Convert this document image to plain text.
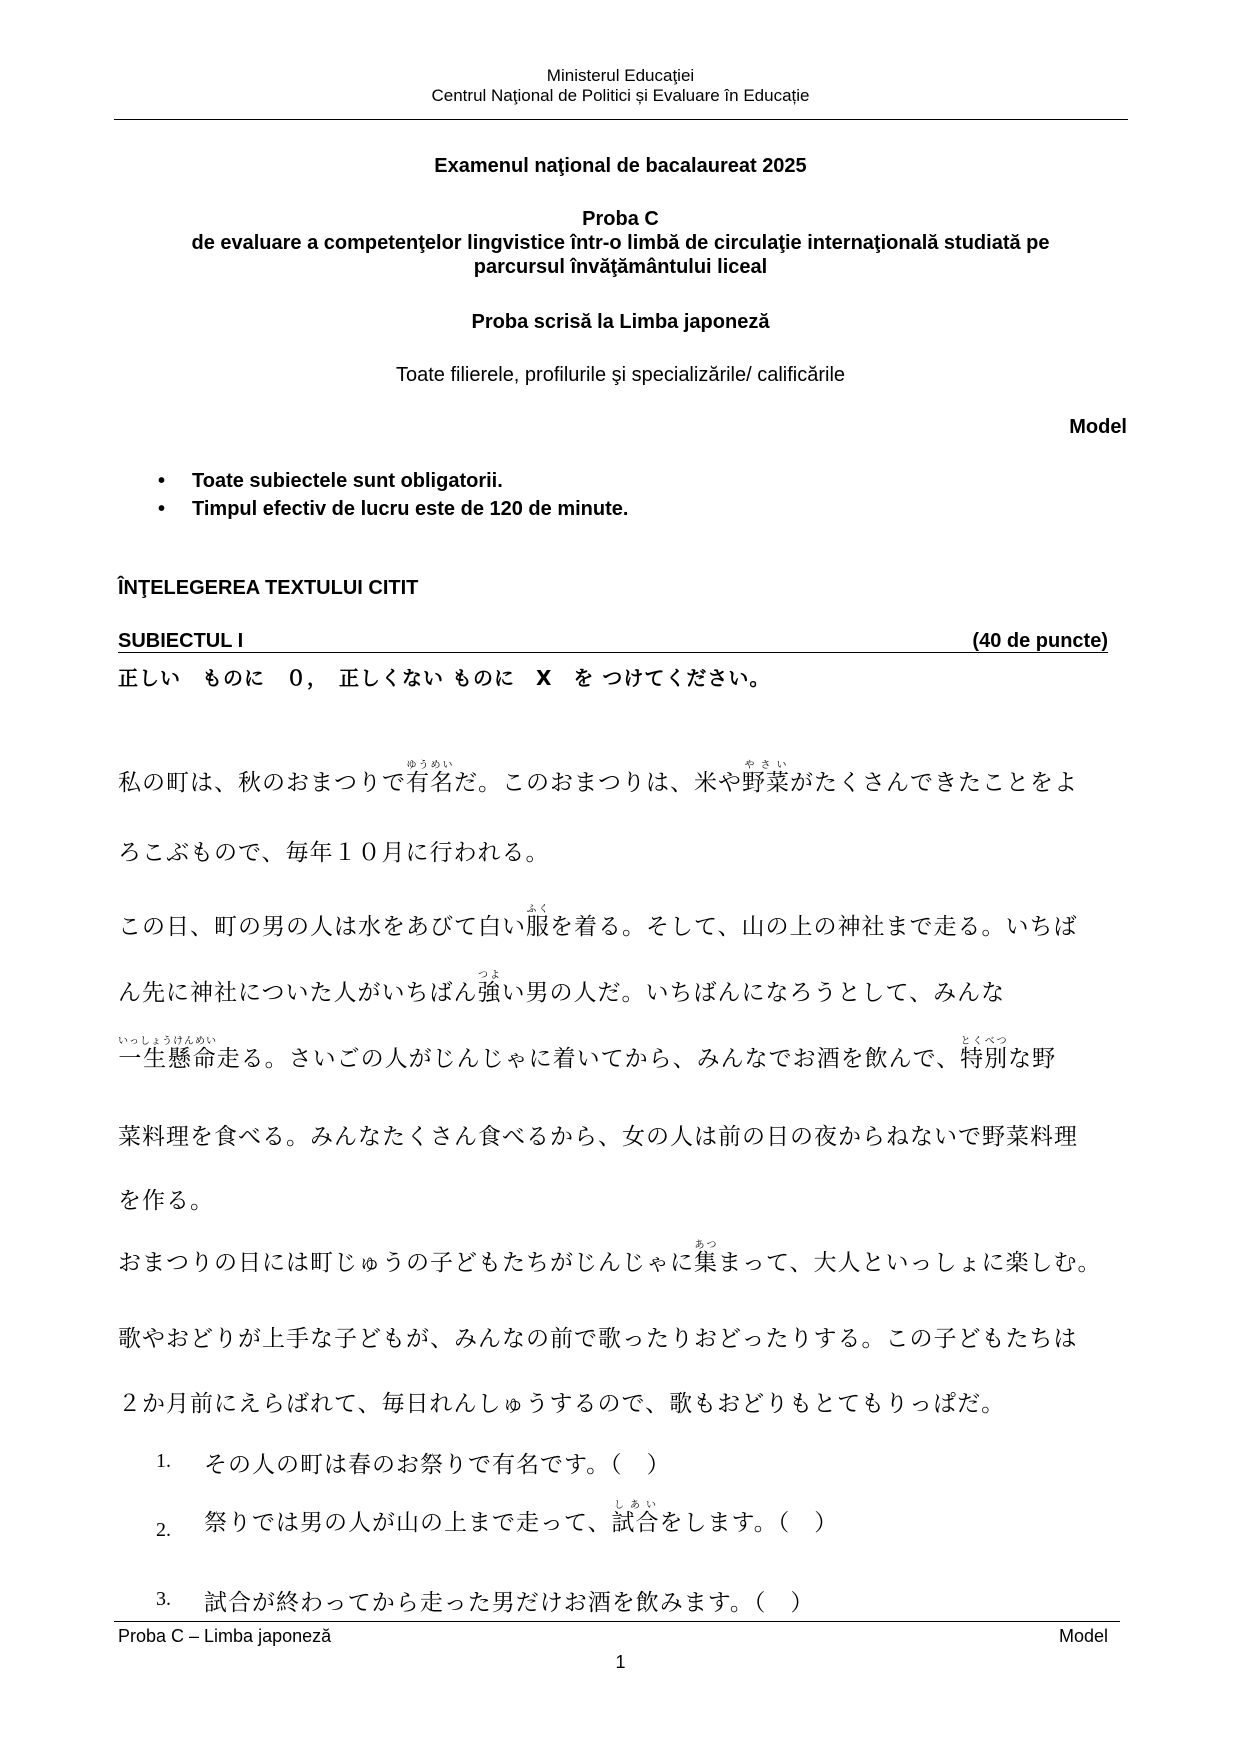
Ministerul Educaţiei
Centrul Naţional de Politici și Evaluare în Educație
Examenul naţional de bacalaureat 2025
Proba C
de evaluare a competenţelor lingvistice într-o limbă de circulaţie internaţională studiată pe
parcursul învăţământului liceal
Proba scrisă la Limba japoneză
Toate filierele, profilurile şi specializările/ calificările
Model
• Toate subiectele sunt obligatorii.
• Timpul efectiv de lucru este de 120 de minute.
ÎNŢELEGEREA TEXTULUI CITIT
SUBIECTUL I	(40 de puncte)
正しい　ものに　０，　正しくない ものに　X　を つけてください。
私の町は、秋のおまつりで有名ゆうめいだ。このおまつりは、米や野菜やさいがたくさんできたことをよ
ろこぶもので、毎年１０月に行われる。
この日、町の男の人は水をあびて白い服ふくを着る。そして、山の上の神社まで走る。いちば
ん先に神社についた人がいちばん強つよい男の人だ。いちばんになろうとして、みんな
一生懸命いっしょうけんめい走る。さいごの人がじんじゃに着いてから、みんなでお酒を飲んで、特別とくべつな野
菜料理を食べる。みんなたくさん食べるから、女の人は前の日の夜からねないで野菜料理
を作る。
おまつりの日には町じゅうの子どもたちがじんじゃに集あつまって、大人といっしょに楽しむ。
歌やおどりが上手な子どもが、みんなの前で歌ったりおどったりする。この子どもたちは
２か月前にえらばれて、毎日れんしゅうするので、歌もおどりもとてもりっぱだ。
1. その人の町は春のお祭りで有名です。（　）
2. 祭りでは男の人が山の上まで走って、試合しあいをします。（　）
3. 試合が終わってから走った男だけお酒を飲みます。（　）
Proba C – Limba japoneză	Model
1
